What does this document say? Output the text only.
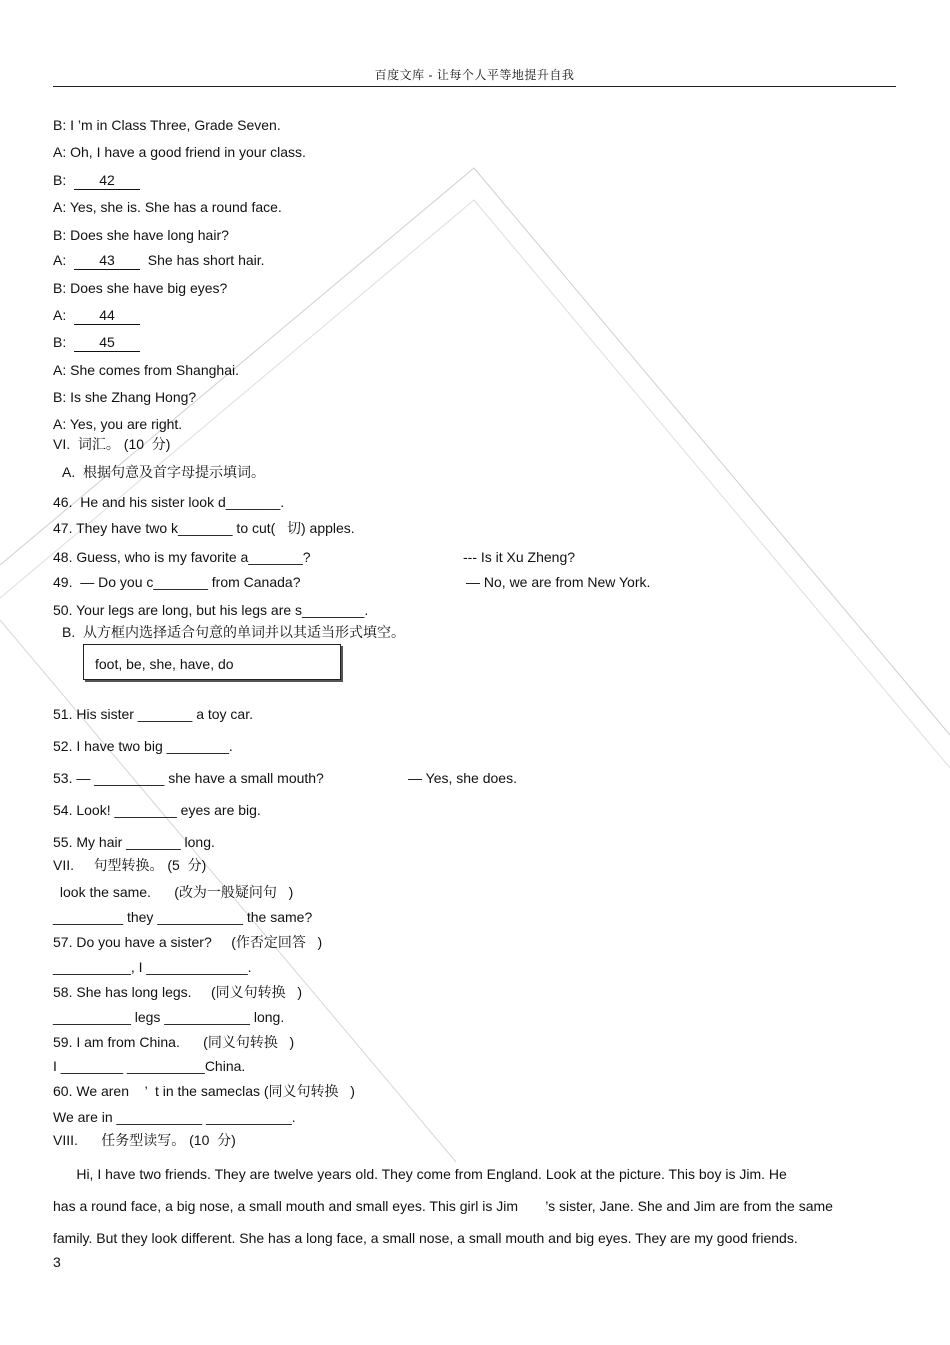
百度文库 - 让每个人平等地提升自我
B: I ’m in Class Three, Grade Seven.
A: Oh, I have a good friend in your class.
B:  42
A: Yes, she is. She has a round face.
B: Does she have long hair?
A:  43  She has short hair.
B: Does she have big eyes?
A:  44
B:  45
A: She comes from Shanghai.
B: Is she Zhang Hong?
A: Yes, you are right.
VI.  词汇。 (10  分)
A.  根据句意及首字母提示填词。
46.  He and his sister look d_______.
47. They have two k_______ to cut(   切) apples.
48. Guess, who is my favorite a_______?	--- Is it Xu Zheng?
49.  — Do you c_______ from Canada?	— No, we are from New York.
50. Your legs are long, but his legs are s________.
B.  从方框内选择适合句意的单词并以其适当形式填空。
foot, be, she, have, do
51. His sister _______ a toy car.
52. I have two big ________.
53. — _________ she have a small mouth?	— Yes, she does.
54. Look! ________ eyes are big.
55. My hair _______ long.
VII.     句型转换。 (5  分)
look the same.      (改为一般疑问句   )
_________ they ___________ the same?
57. Do you have a sister?     (作否定回答   )
__________, I _____________.
58. She has long legs.     (同义句转换   )
__________ legs ___________ long.
59. I am from China.      (同义句转换   )
I ________ __________China.
60. We aren    ’  t in the sameclas (同义句转换   )
We are in ___________ ___________.
VIII.      任务型读写。 (10  分)
Hi, I have two friends. They are twelve years old. They come from England. Look at the picture. This boy is Jim. He
has a round face, a big nose, a small mouth and small eyes. This girl is Jim       ’s sister, Jane. She and Jim are from the same
family. But they look different. She has a long face, a small nose, a small mouth and big eyes. They are my good friends.
3
